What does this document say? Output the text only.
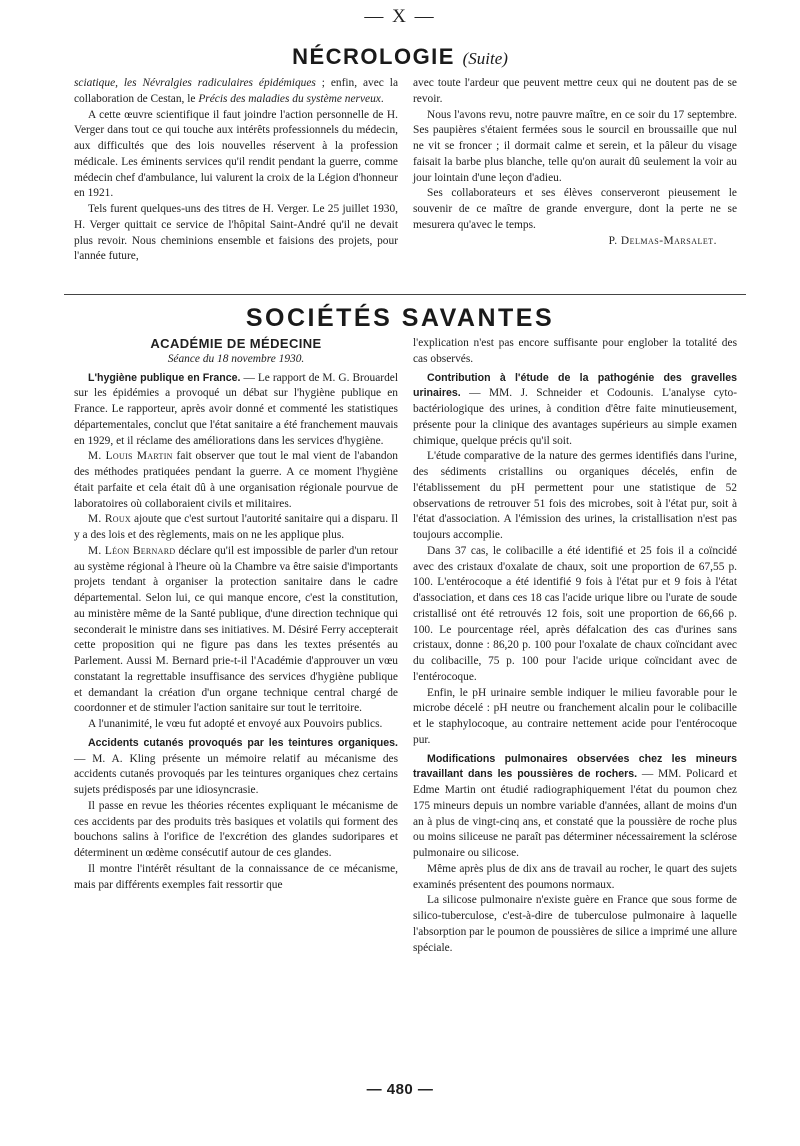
— X —
NÉCROLOGIE (Suite)

sciatique, les Névralgies radiculaires épidémiques ; enfin, avec la collaboration de Cestan, le Précis des maladies du système nerveux.

A cette œuvre scientifique il faut joindre l'action personnelle de H. Verger dans tout ce qui touche aux intérêts professionnels du médecin, aux difficultés que des lois nouvelles réservent à la profession médicale. Les éminents services qu'il rendit pendant la guerre, comme médecin chef d'ambulance, lui valurent la croix de la Légion d'honneur en 1921.

Tels furent quelques-uns des titres de H. Verger. Le 25 juillet 1930, H. Verger quittait ce service de l'hôpital Saint-André qu'il ne devait plus revoir. Nous cheminions ensemble et faisions des projets, pour l'année future,

avec toute l'ardeur que peuvent mettre ceux qui ne doutent pas de se revoir.

Nous l'avons revu, notre pauvre maître, en ce soir du 17 septembre. Ses paupières s'étaient fermées sous le sourcil en broussaille que nul ne vit se froncer ; il dormait calme et serein, et la pâleur du visage faisait la barbe plus blanche, telle qu'on aurait dû seulement la voir au jour lointain d'une leçon d'adieu.

Ses collaborateurs et ses élèves conserveront pieusement le souvenir de ce maître de grande envergure, dont la perte ne se mesurera qu'avec le temps.

P. Delmas-Marsalet.

SOCIÉTÉS SAVANTES

ACADÉMIE DE MÉDECINE

Séance du 18 novembre 1930.

L'hygiène publique en France. — Le rapport de M. G. Brouardel sur les épidémies a provoqué un débat sur l'hygiène publique en France. Le rapporteur, après avoir donné et commenté les statistiques départementales, conclut que l'état sanitaire a été franchement mauvais en 1929, et il réclame des améliorations dans les services d'hygiène.

M. Louis Martin fait observer que tout le mal vient de l'abandon des méthodes pratiquées pendant la guerre. A ce moment l'hygiène était parfaite et cela était dû à une organisation régionale pourvue de laboratoires où collaboraient civils et militaires.

M. Roux ajoute que c'est surtout l'autorité sanitaire qui a disparu. Il y a des lois et des règlements, mais on ne les applique plus.

M. Léon Bernard déclare qu'il est impossible de parler d'un retour au système régional à l'heure où la Chambre va être saisie d'importants projets tendant à organiser la protection sanitaire dans le cadre départemental. Selon lui, ce qui manque encore, c'est la constitution, au ministère même de la Santé publique, d'une direction technique qui seconderait le ministre dans ses initiatives. M. Désiré Ferry accepterait cette proposition qui ne figure pas dans les textes présentés au Parlement. Aussi M. Bernard prie-t-il l'Académie d'approuver un vœu constatant la regrettable insuffisance des services d'hygiène publique et demandant la création d'un organe technique central chargé de coordonner et de stimuler l'action sanitaire sur tout le territoire.

A l'unanimité, le vœu fut adopté et envoyé aux Pouvoirs publics.

Accidents cutanés provoqués par les teintures organiques. — M. A. Kling présente un mémoire relatif au mécanisme des accidents cutanés provoqués par les teintures organiques chez certains sujets prédisposés par une idiosyncrasie.

Il passe en revue les théories récentes expliquant le mécanisme de ces accidents par des produits très basiques et volatils qui forment des bouchons salins à l'orifice de l'excrétion des glandes sudoripares et déterminent un œdème consécutif autour de ces glandes.

Il montre l'intérêt résultant de la connaissance de ce mécanisme, mais par différents exemples fait ressortir que

l'explication n'est pas encore suffisante pour englober la totalité des cas observés.

Contribution à l'étude de la pathogénie des gravelles urinaires. — MM. J. Schneider et Codounis. L'analyse cyto-bactériologique des urines, à condition d'être faite minutieusement, présente pour la clinique des avantages supérieurs au simple examen chimique, quelque précis qu'il soit.

L'étude comparative de la nature des germes identifiés dans l'urine, des sédiments cristallins ou organiques décelés, enfin de l'établissement du pH permettent pour une statistique de 52 observations de retrouver 51 fois des microbes, soit à l'état pur, soit à l'état d'association. A l'émission des urines, la cristallisation n'est pas toujours accomplie.

Dans 37 cas, le colibacille a été identifié et 25 fois il a coïncidé avec des cristaux d'oxalate de chaux, soit une proportion de 67,55 p. 100. L'entérocoque a été identifié 9 fois à l'état pur et 9 fois à l'état d'association, et dans ces 18 cas l'acide urique libre ou l'urate de soude cristallisé ont été retrouvés 12 fois, soit une proportion de 66,66 p. 100. Le pourcentage réel, après défalcation des cas d'urines sans cristaux, donne : 86,20 p. 100 pour l'oxalate de chaux coïncidant avec du colibacille, 75 p. 100 pour l'acide urique coïncidant avec de l'entérocoque.

Enfin, le pH urinaire semble indiquer le milieu favorable pour le microbe décelé : pH neutre ou franchement alcalin pour le colibacille et le staphylocoque, au contraire nettement acide pour l'entérocoque pur.

Modifications pulmonaires observées chez les mineurs travaillant dans les poussières de rochers. — MM. Policard et Edme Martin ont étudié radiographiquement l'état du poumon chez 175 mineurs depuis un nombre variable d'années, allant de moins d'un an à plus de vingt-cinq ans, et constaté que la poussière de roche plus ou moins siliceuse ne paraît pas déterminer nécessairement la sclérose pulmonaire ou silicose.

Même après plus de dix ans de travail au rocher, le quart des sujets examinés présentent des poumons normaux.

La silicose pulmonaire n'existe guère en France que sous forme de silico-tuberculose, c'est-à-dire de tuberculose pulmonaire à laquelle l'absorption par le poumon de poussières de silice a imprimé une allure spéciale.

— 480 —
